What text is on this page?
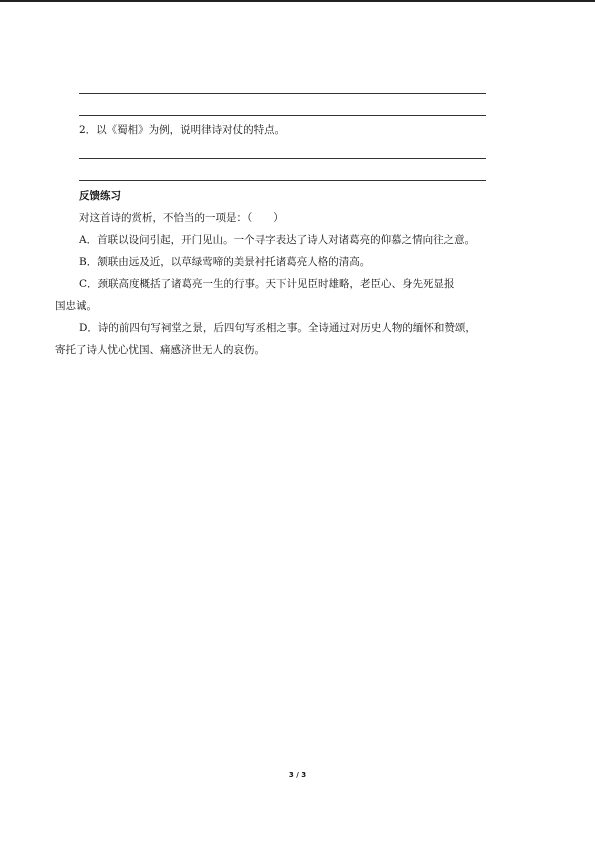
2．以《蜀相》为例，说明律诗对仗的特点。
反馈练习
对这首诗的赏析，不恰当的一项是：（　　）
A．首联以设问引起，开门见山。一个寻字表达了诗人对诸葛亮的仰慕之情向往之意。
B．颔联由远及近，以草绿莺啼的美景衬托诸葛亮人格的清高。
C．颈联高度概括了诸葛亮一生的行事。天下计见臣时雄略，老臣心、身先死显报
国忠诚。
D．诗的前四句写祠堂之景，后四句写丞相之事。全诗通过对历史人物的缅怀和赞颂，
寄托了诗人忧心忧国、痛感济世无人的哀伤。
3 / 3
